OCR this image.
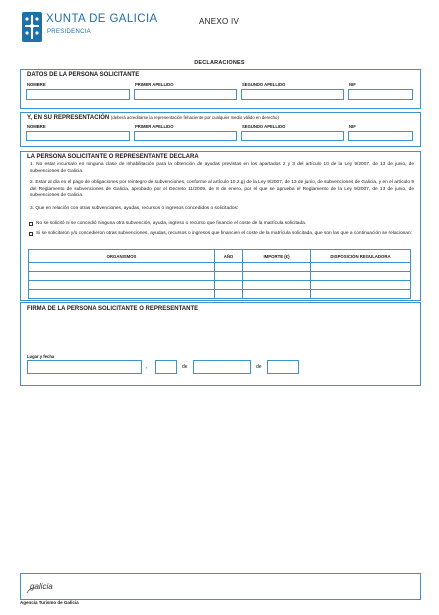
XUNTA DE GALICIA
PRESIDENCIA
ANEXO IV
DECLARACIONES
DATOS DE LA PERSONA SOLICITANTE
NOMBRE	PRIMER APELLIDO	SEGUNDO APELLIDO	NIF
Y, EN SU REPRESENTACIÓN (deberá acreditarse la representación fehaciente por cualquier medio válido en derecho)
NOMBRE	PRIMER APELLIDO	SEGUNDO APELLIDO	NIF
LA PERSONA SOLICITANTE O REPRESENTANTE DECLARA

1. No estar incursa/o en ninguna clase de inhabilitación para la obtención de ayudas previstas en los apartados 2 y 3 del artículo 10 de la Ley 9/2007, de 13 de junio, de subvenciones de Galicia.

2. Estar al día en el pago de obligaciones por reintegro de subvenciones, conforme al artículo 10.2.g) de la Ley 9/2007, de 13 de junio, de subvenciones de Galicia, y en el artículo 9 del Reglamento de subvenciones de Galicia, aprobado por el Decreto 11/2009, de 8 de enero, por el que se aprueba el Reglamento de la Ley 9/2007, de 13 de junio, de subvenciones de Galicia.

3. Que en relación con otras subvenciones, ayudas, recursos o ingresos concedidos o solicitados:

No se solicitó ni se concedió ninguna otra subvención, ayuda, ingreso o recurso que financie el coste de la matrícula solicitada.

Si se solicitaron y/o concedieron otras subvenciones, ayudas, recursos o ingresos que financien el coste de la matrícula solicitada, que son las que a continuación se relacionan:

ORGANISMOS	AÑO	IMPORTE (€)	DISPOSICIÓN REGULADORA

FIRMA DE LA PERSONA SOLICITANTE O REPRESENTANTE
Lugar y fecha
,	de	de
galicia
Agencia Turismo de Galicia
